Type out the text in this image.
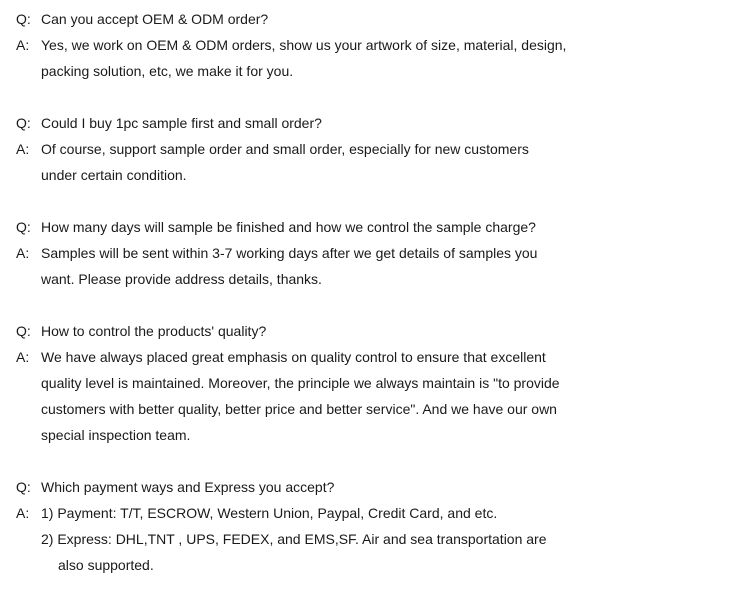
Q: Can you accept OEM & ODM order?
A: Yes, we work on OEM & ODM orders, show us your artwork of size, material, design,
packing solution, etc, we make it for you.
Q: Could I buy 1pc sample first and small order?
A: Of course, support sample order and small order, especially for new customers
under certain condition.
Q: How many days will sample be finished and how we control the sample charge?
A: Samples will be sent within 3-7 working days after we get details of samples you
want. Please provide address details, thanks.
Q: How to control the products' quality?
A: We have always placed great emphasis on quality control to ensure that excellent
quality level is maintained. Moreover, the principle we always maintain is "to provide
customers with better quality, better price and better service". And we have our own
special inspection team.
Q: Which payment ways and Express you accept?
A: 1) Payment: T/T, ESCROW, Western Union, Paypal, Credit Card, and etc.
2) Express: DHL,TNT , UPS, FEDEX, and EMS,SF. Air and sea transportation are
also supported.
